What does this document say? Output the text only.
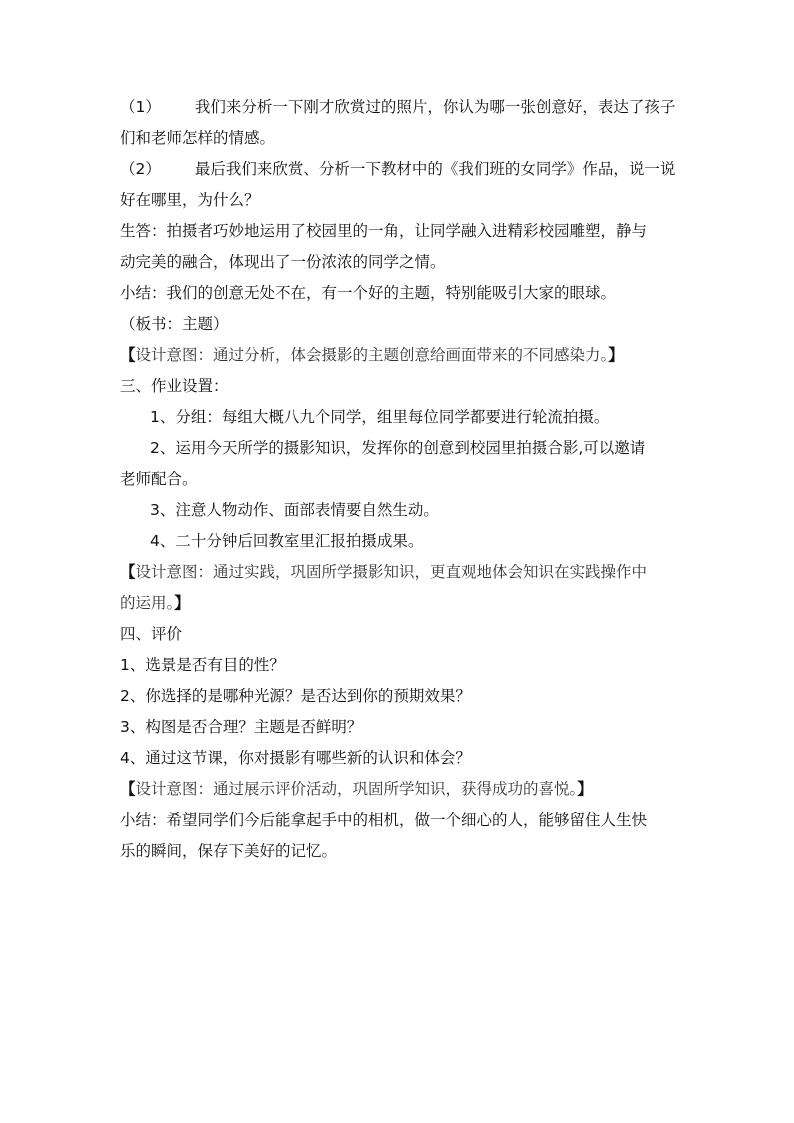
（1） 我们来分析一下刚才欣赏过的照片，你认为哪一张创意好，表达了孩子
们和老师怎样的情感。
（2） 最后我们来欣赏、分析一下教材中的《我们班的女同学》作品，说一说
好在哪里，为什么？
生答：拍摄者巧妙地运用了校园里的一角，让同学融入进精彩校园雕塑，静与
动完美的融合，体现出了一份浓浓的同学之情。
小结：我们的创意无处不在，有一个好的主题，特别能吸引大家的眼球。
（板书：主题）
【设计意图：通过分析，体会摄影的主题创意给画面带来的不同感染力。】
三、作业设置：
1、分组：每组大概八九个同学，组里每位同学都要进行轮流拍摄。
2、运用今天所学的摄影知识，发挥你的创意到校园里拍摄合影,可以邀请
老师配合。
3、注意人物动作、面部表情要自然生动。
4、二十分钟后回教室里汇报拍摄成果。
【设计意图：通过实践，巩固所学摄影知识，更直观地体会知识在实践操作中
的运用。】
四、评价
1、选景是否有目的性？
2、你选择的是哪种光源？是否达到你的预期效果？
3、构图是否合理？主题是否鲜明？
4、通过这节课，你对摄影有哪些新的认识和体会？
【设计意图：通过展示评价活动，巩固所学知识，获得成功的喜悦。】
小结：希望同学们今后能拿起手中的相机，做一个细心的人，能够留住人生快
乐的瞬间，保存下美好的记忆。
